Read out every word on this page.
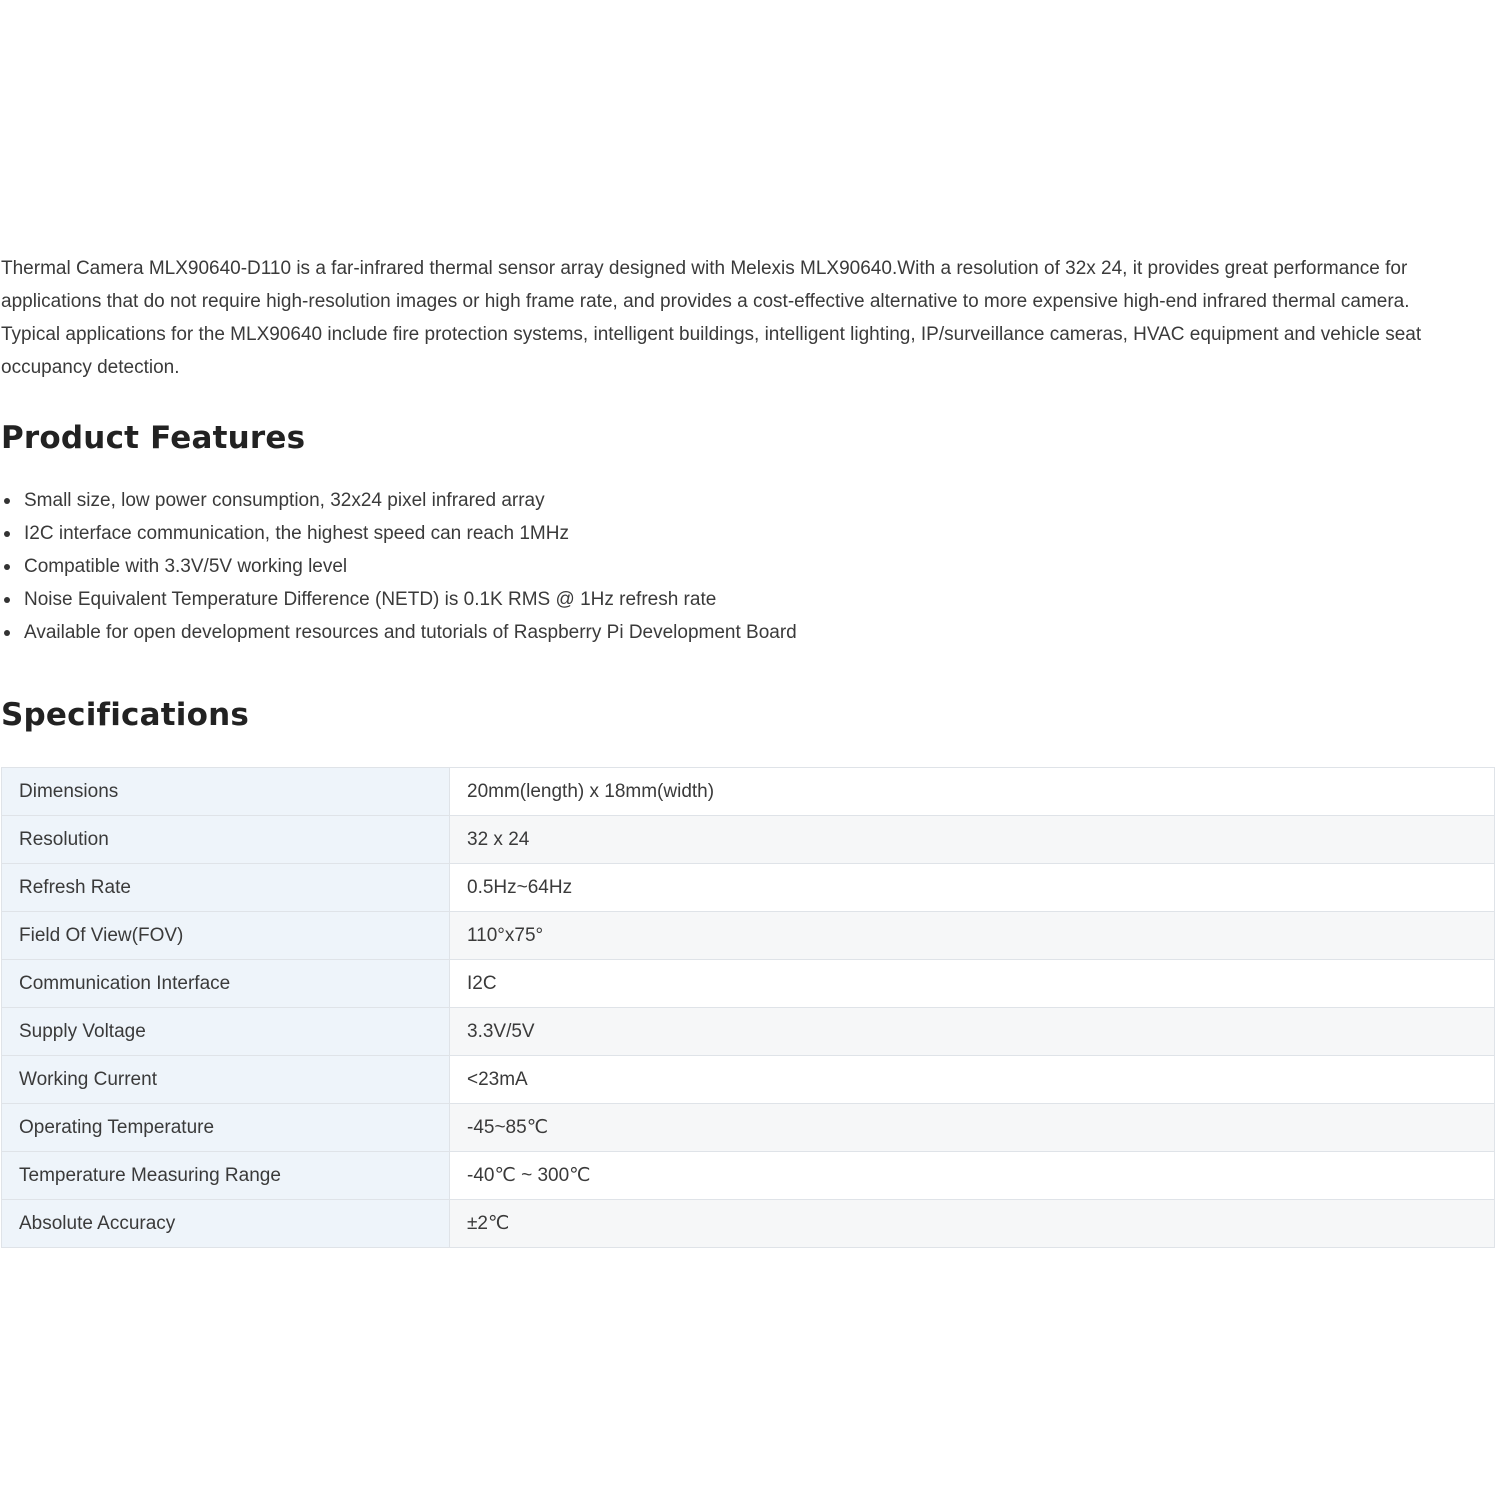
Thermal Camera MLX90640-D110 is a far-infrared thermal sensor array designed with Melexis MLX90640.With a resolution of 32x 24, it provides great performance for applications that do not require high-resolution images or high frame rate, and provides a cost-effective alternative to more expensive high-end infrared thermal camera. Typical applications for the MLX90640 include fire protection systems, intelligent buildings, intelligent lighting, IP/surveillance cameras, HVAC equipment and vehicle seat occupancy detection.

Product Features
Small size, low power consumption, 32x24 pixel infrared array
I2C interface communication, the highest speed can reach 1MHz
Compatible with 3.3V/5V working level
Noise Equivalent Temperature Difference (NETD) is 0.1K RMS @ 1Hz refresh rate
Available for open development resources and tutorials of Raspberry Pi Development Board
Specifications
Dimensions	20mm(length) x 18mm(width)
Resolution	32 x 24
Refresh Rate	0.5Hz~64Hz
Field Of View(FOV)	110°x75°
Communication Interface	I2C
Supply Voltage	3.3V/5V
Working Current	<23mA
Operating Temperature	-45~85℃
Temperature Measuring Range	-40℃ ~ 300℃
Absolute Accuracy	±2℃
